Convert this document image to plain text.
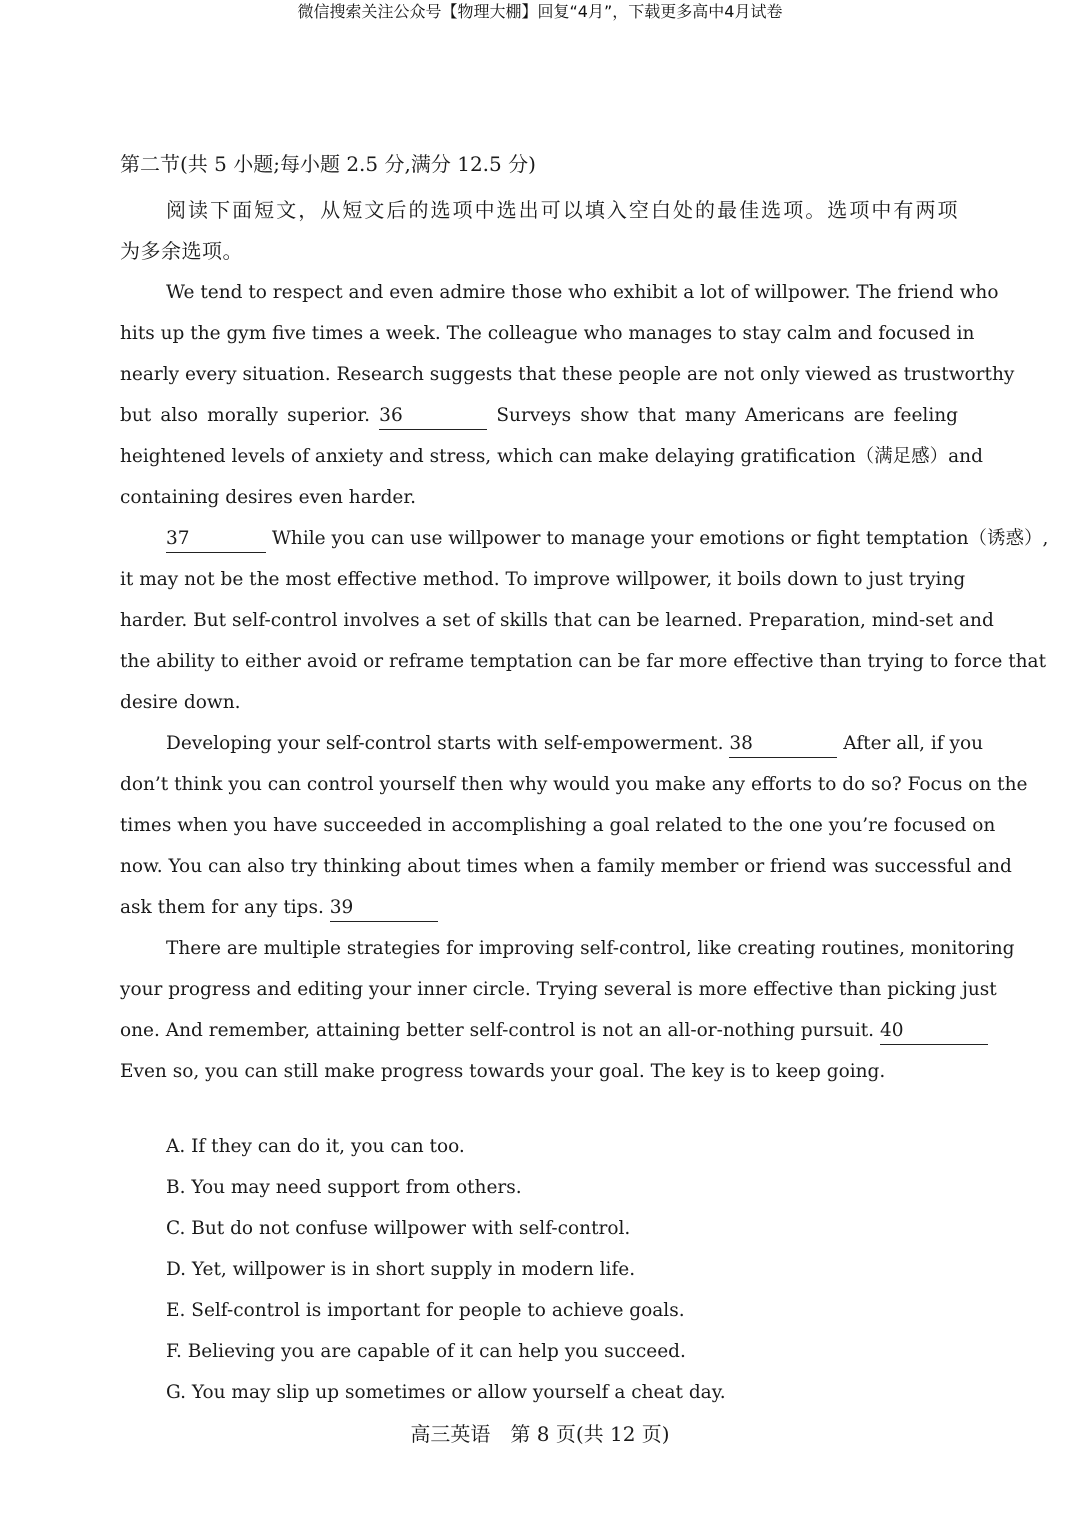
微信搜索关注公众号【物理大棚】回复“4月”，下载更多高中4月试卷
第二节(共 5 小题;每小题 2.5 分,满分 12.5 分)
阅读下面短文，从短文后的选项中选出可以填入空白处的最佳选项。选项中有两项
为多余选项。
We tend to respect and even admire those who exhibit a lot of willpower. The friend who
hits up the gym five times a week. The colleague who manages to stay calm and focused in
nearly every situation. Research suggests that these people are not only viewed as trustworthy
but also morally superior. 36	Surveys show that many Americans are feeling
heightened levels of anxiety and stress, which can make delaying gratification（满足感）and
containing desires even harder.
37	While you can use willpower to manage your emotions or fight temptation（诱惑）,
it may not be the most effective method. To improve willpower, it boils down to just trying
harder. But self-control involves a set of skills that can be learned. Preparation, mind-set and
the ability to either avoid or reframe temptation can be far more effective than trying to force that
desire down.
Developing your self-control starts with self-empowerment. 38	After all, if you
don’t think you can control yourself then why would you make any efforts to do so? Focus on the
times when you have succeeded in accomplishing a goal related to the one you’re focused on
now. You can also try thinking about times when a family member or friend was successful and
ask them for any tips. 39
There are multiple strategies for improving self-control, like creating routines, monitoring
your progress and editing your inner circle. Trying several is more effective than picking just
one. And remember, attaining better self-control is not an all-or-nothing pursuit. 40
Even so, you can still make progress towards your goal. The key is to keep going.
A. If they can do it, you can too.
B. You may need support from others.
C. But do not confuse willpower with self-control.
D. Yet, willpower is in short supply in modern life.
E. Self-control is important for people to achieve goals.
F. Believing you are capable of it can help you succeed.
G. You may slip up sometimes or allow yourself a cheat day.
高三英语 第 8 页(共 12 页)
